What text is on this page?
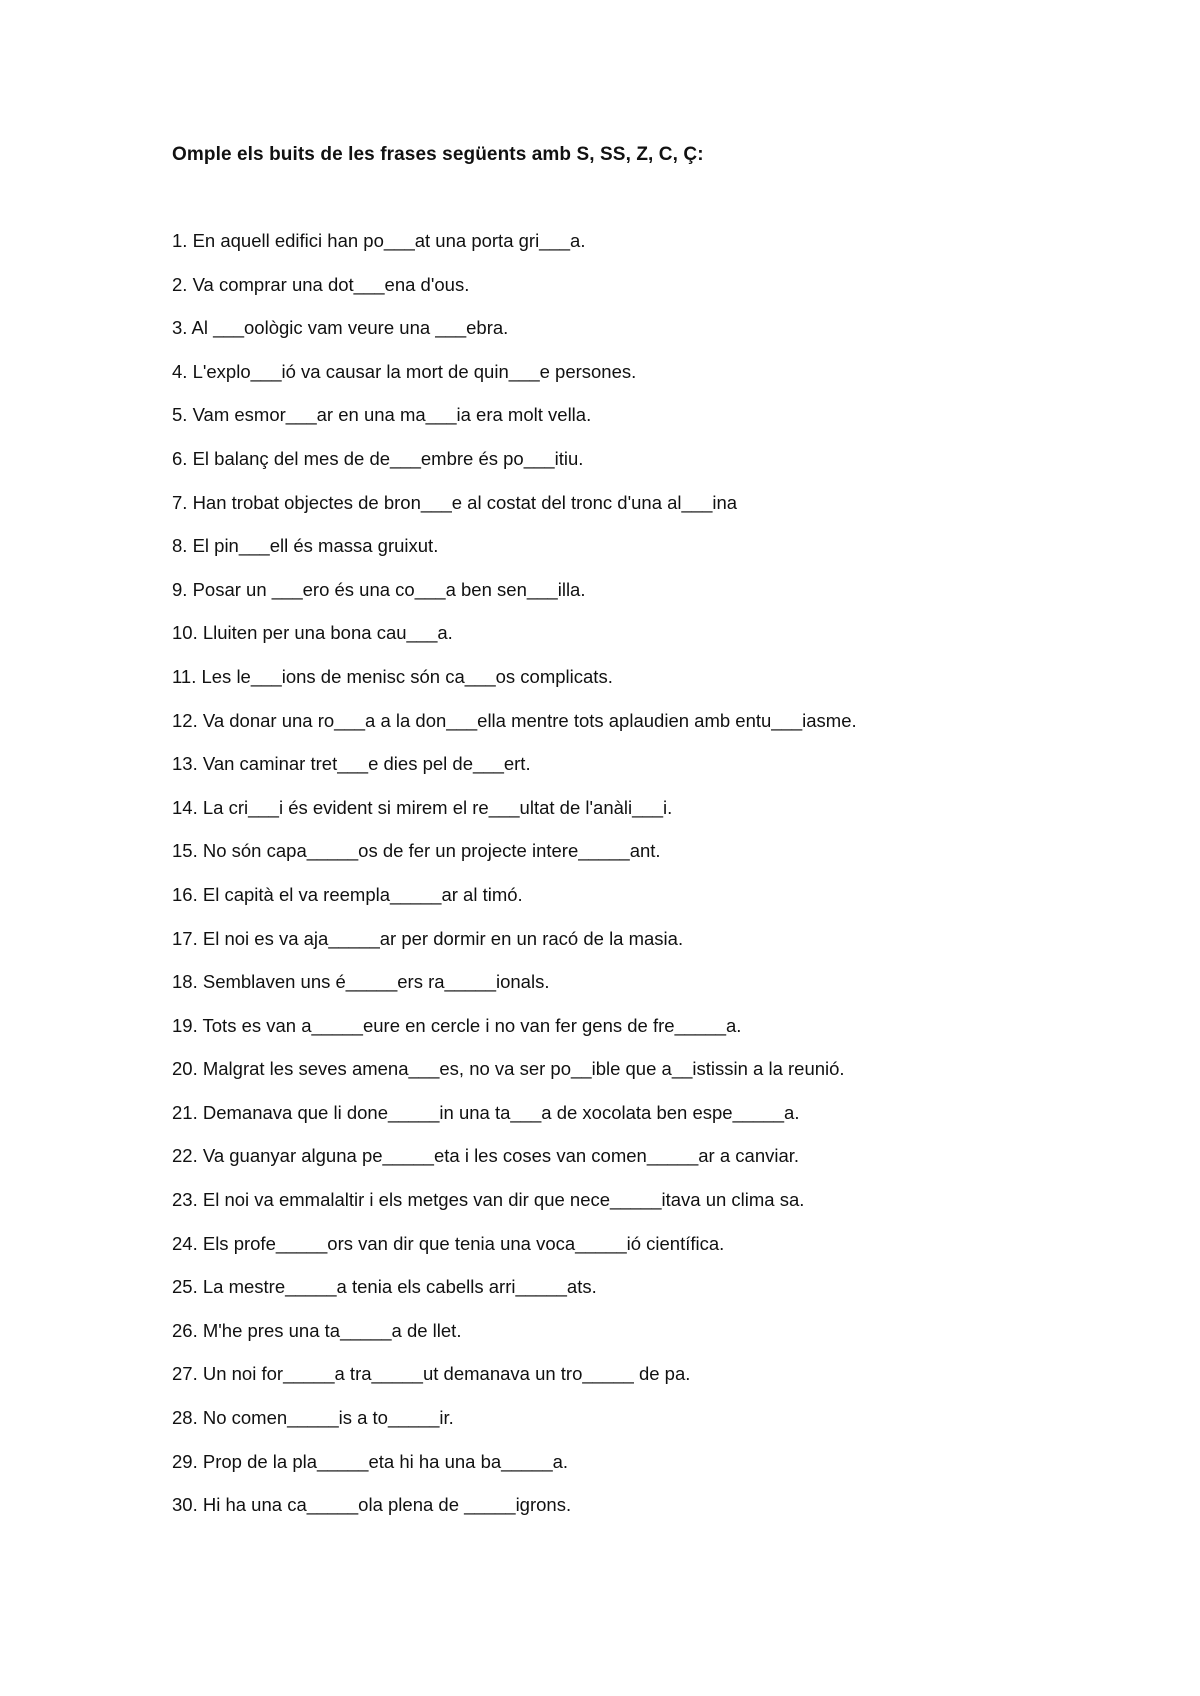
Omple els buits de les frases següents amb S, SS, Z, C, Ç:
1. En aquell edifici han po___at una porta gri___a.
2. Va comprar una dot___ena d'ous.
3. Al ___oològic vam veure una ___ebra.
4. L'explo___ió va causar la mort de quin___e persones.
5. Vam esmor___ar en una ma___ia era molt vella.
6. El balanç del mes de de___embre és po___itiu.
7. Han trobat objectes de bron___e al costat del tronc d'una al___ina
8. El pin___ell és massa gruixut.
9. Posar un ___ero és una co___a ben sen___illa.
10. Lluiten per una bona cau___a.
11. Les le___ions de menisc són ca___os complicats.
12. Va donar una ro___a a la don___ella mentre tots aplaudien amb entu___iasme.
13. Van caminar tret___e dies pel de___ert.
14. La cri___i és evident si mirem el re___ultat de l'anàli___i.
15. No són capa_____os de fer un projecte intere_____ant.
16. El capità el va reempla_____ar al timó.
17. El noi es va aja_____ar per dormir en un racó de la masia.
18. Semblaven uns é_____ers ra_____ionals.
19. Tots es van a_____eure en cercle i no van fer gens de fre_____a.
20. Malgrat les seves amena___es, no va ser po__ible que a__istissin a la reunió.
21. Demanava que li done_____in una ta___a de xocolata ben espe_____a.
22. Va guanyar alguna pe_____eta i les coses van comen_____ar a canviar.
23. El noi va emmalaltir i els metges van dir que nece_____itava un clima sa.
24. Els profe_____ors van dir que tenia una voca_____ió científica.
25. La mestre_____a tenia els cabells arri_____ats.
26. M'he pres una ta_____a de llet.
27. Un noi for_____a tra_____ut demanava un tro_____ de pa.
28. No comen_____is a to_____ir.
29. Prop de la pla_____eta hi ha una ba_____a.
30. Hi ha una ca_____ola plena de _____igrons.
